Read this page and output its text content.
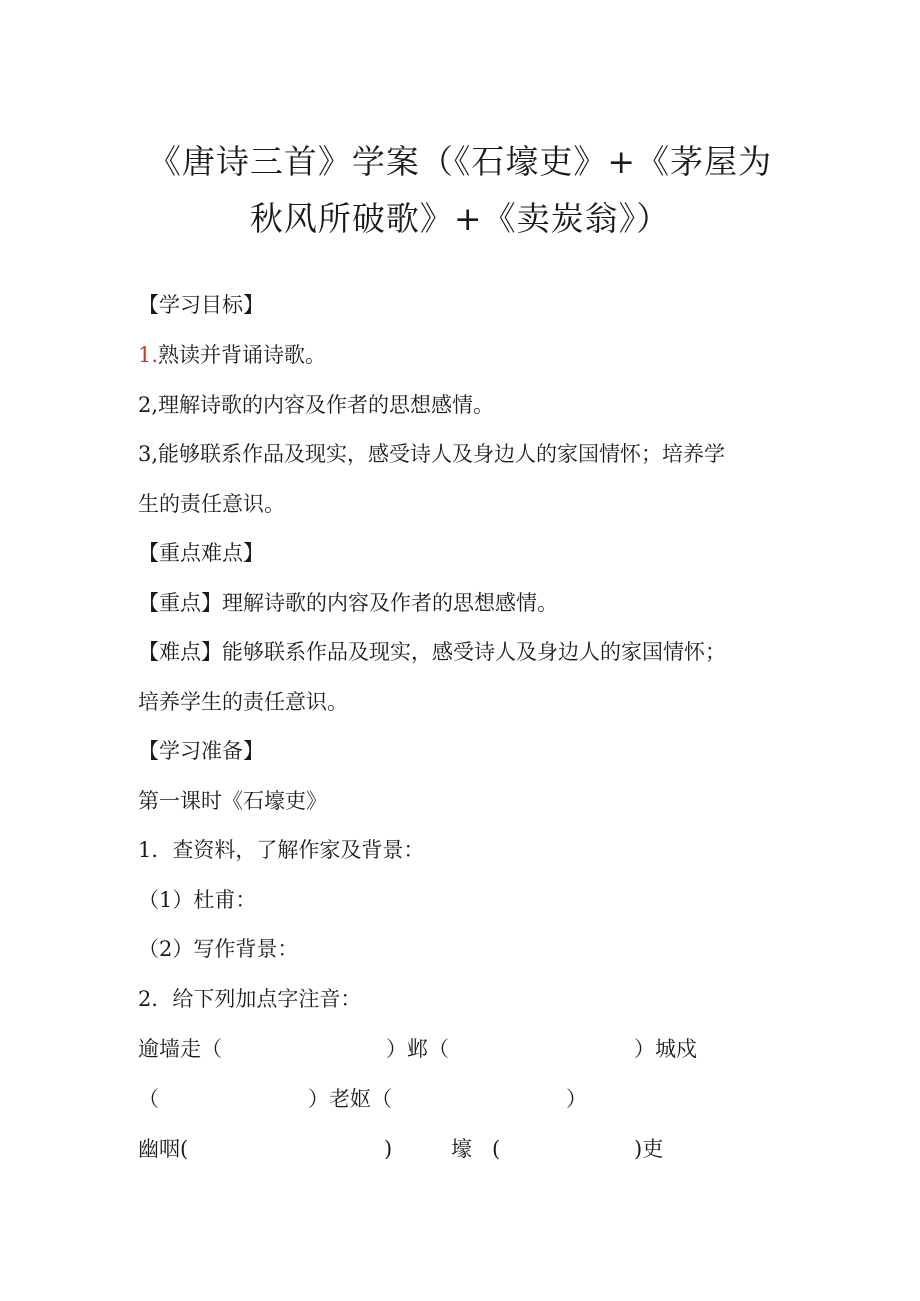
《唐诗三首》学案（《石壕吏》+《茅屋为
秋风所破歌》+《卖炭翁》）
【学习目标】
1.熟读并背诵诗歌。
2,理解诗歌的内容及作者的思想感情。
3,能够联系作品及现实，感受诗人及身边人的家国情怀；培养学
生的责任意识。
【重点难点】
【重点】理解诗歌的内容及作者的思想感情。
【难点】能够联系作品及现实，感受诗人及身边人的家国情怀；
培养学生的责任意识。
【学习准备】
第一课时《石壕吏》
1．查资料，了解作家及背景：
（1）杜甫：
（2）写作背景：
2．给下列加点字注音：
逾墙走（	）邺（	）城戍
（	）老妪（	）
幽咽(	)	壕 (	)吏
